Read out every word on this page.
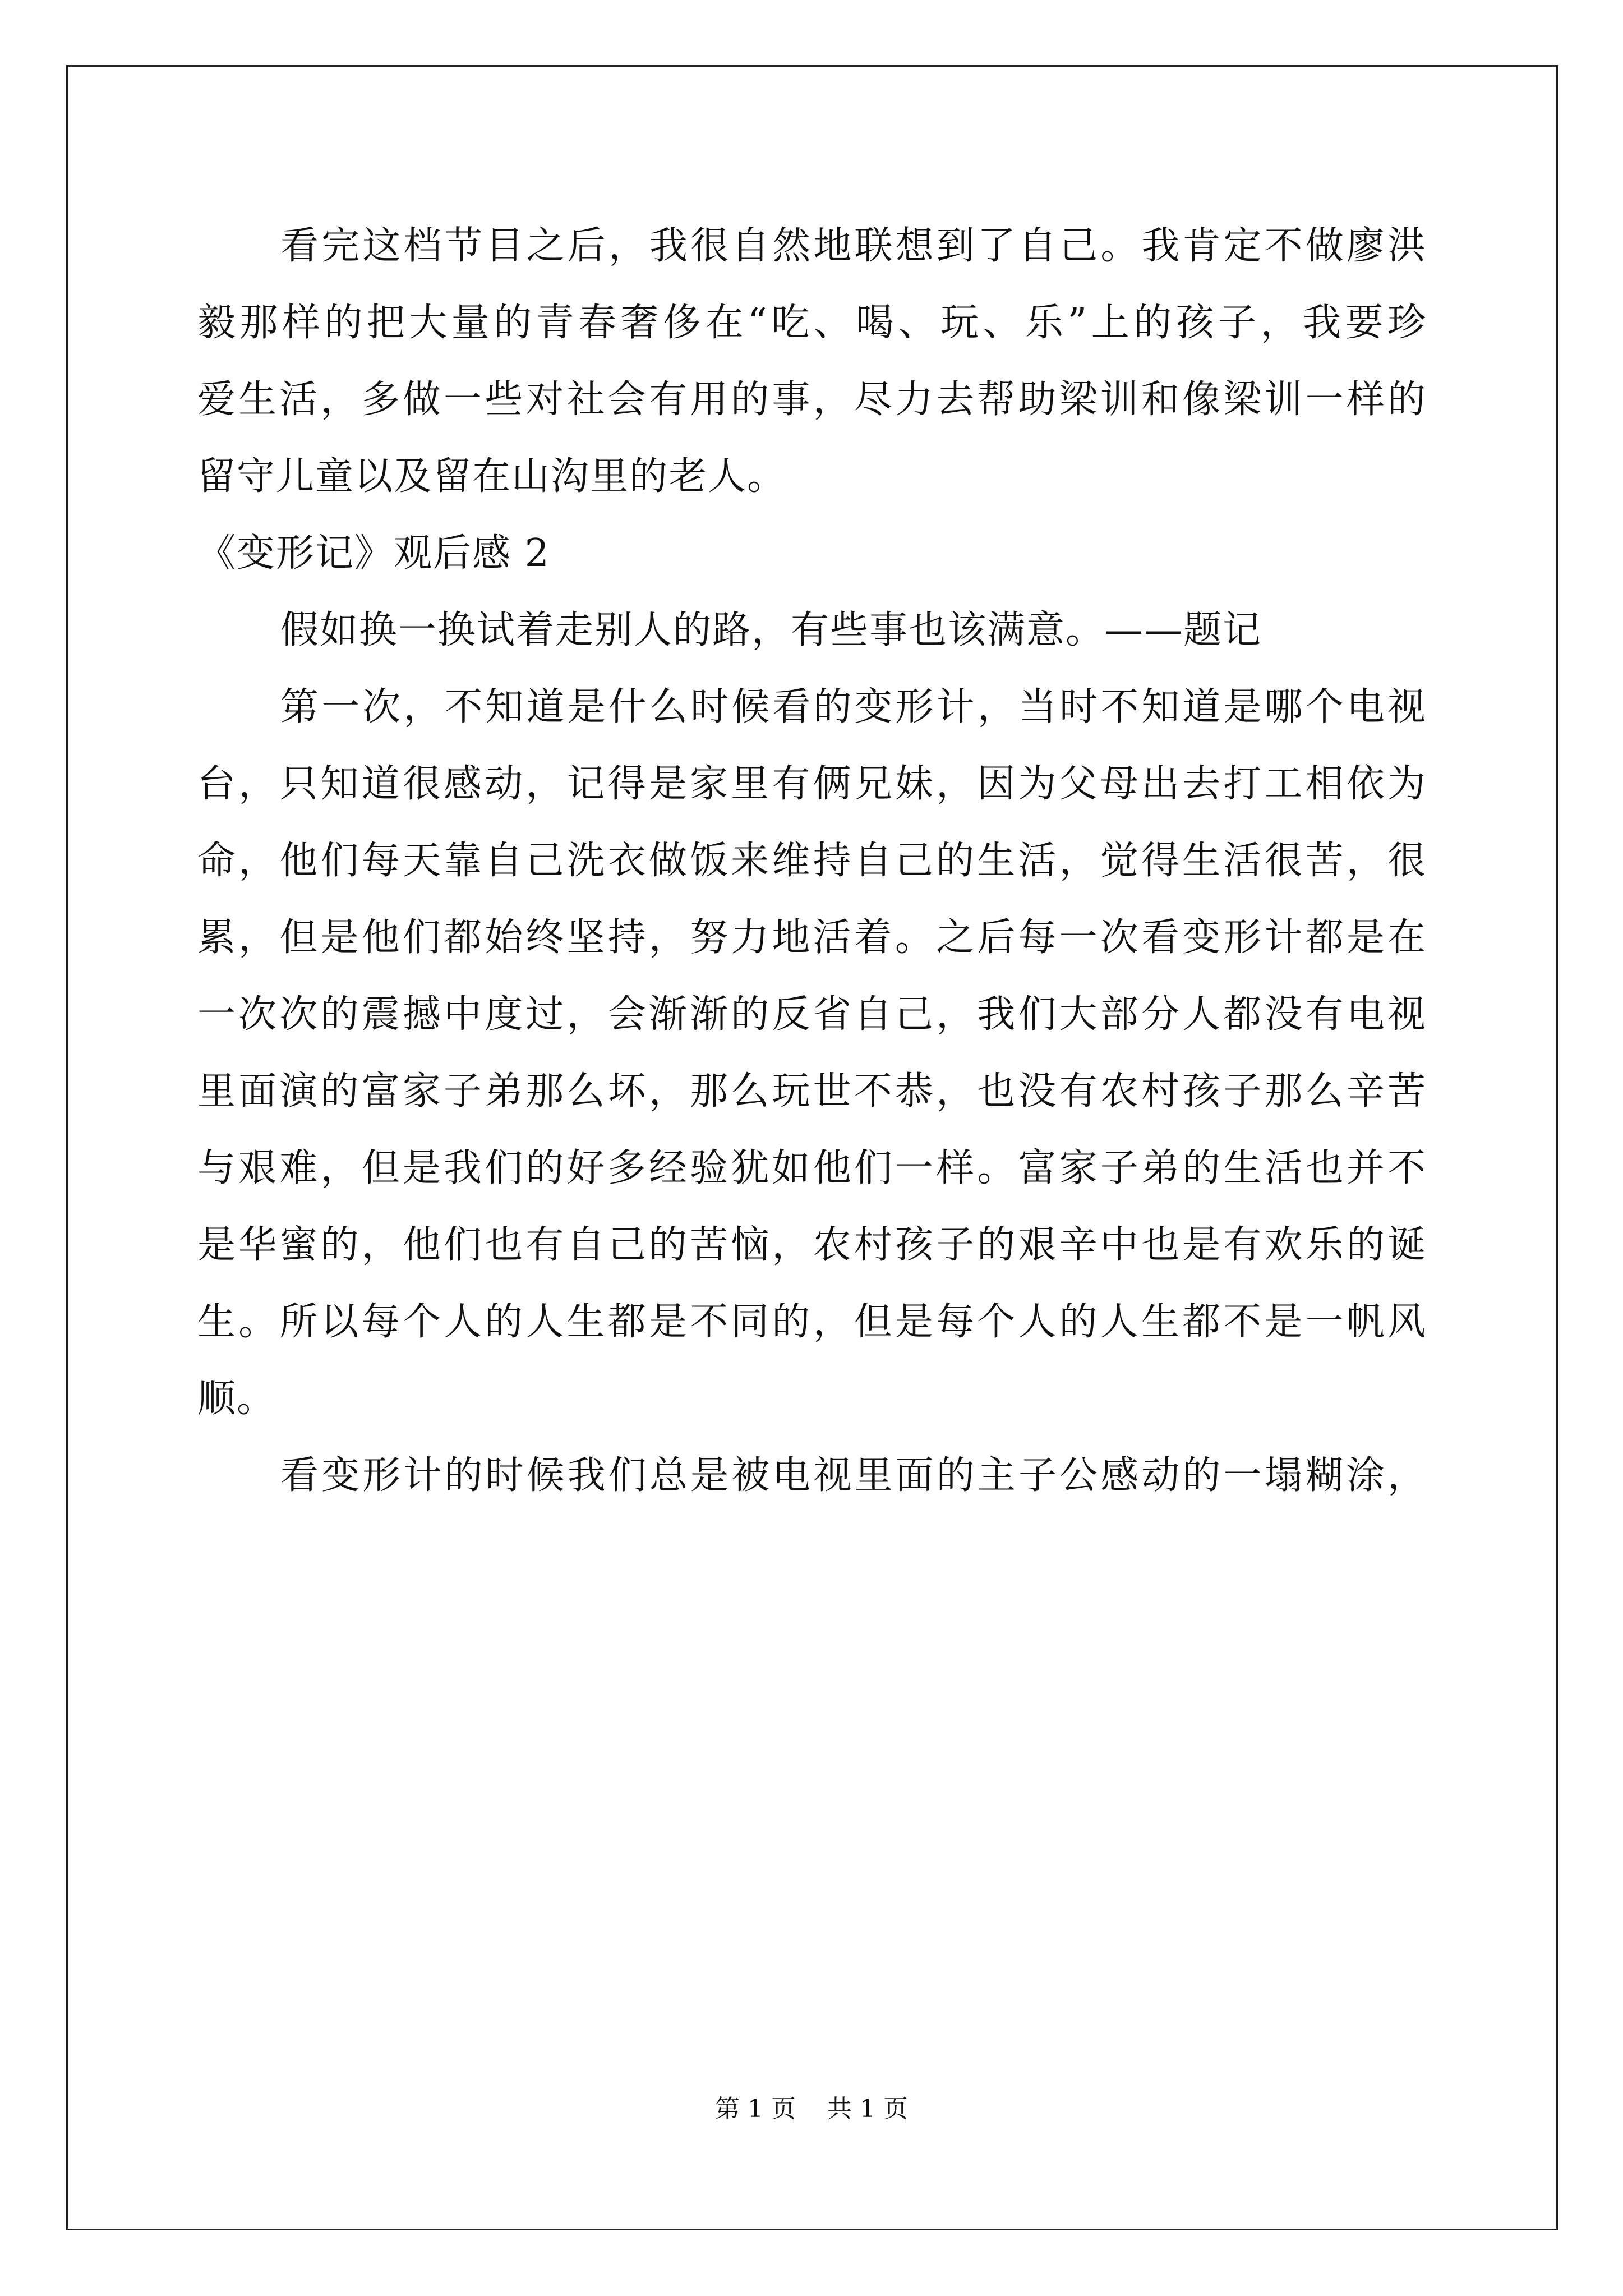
看完这档节目之后，我很自然地联想到了自己。我肯定不做廖洪
毅那样的把大量的青春奢侈在“吃、喝、玩、乐”上的孩子，我要珍
爱生活，多做一些对社会有用的事，尽力去帮助梁训和像梁训一样的
留守儿童以及留在山沟里的老人。
《变形记》观后感 2
假如换一换试着走别人的路，有些事也该满意。——题记
第一次，不知道是什么时候看的变形计，当时不知道是哪个电视
台，只知道很感动，记得是家里有俩兄妹，因为父母出去打工相依为
命，他们每天靠自己洗衣做饭来维持自己的生活，觉得生活很苦，很
累，但是他们都始终坚持，努力地活着。之后每一次看变形计都是在
一次次的震撼中度过，会渐渐的反省自己，我们大部分人都没有电视
里面演的富家子弟那么坏，那么玩世不恭，也没有农村孩子那么辛苦
与艰难，但是我们的好多经验犹如他们一样。富家子弟的生活也并不
是华蜜的，他们也有自己的苦恼，农村孩子的艰辛中也是有欢乐的诞
生。所以每个人的人生都是不同的，但是每个人的人生都不是一帆风
顺。
看变形计的时候我们总是被电视里面的主子公感动的一塌糊涂，
第 1 页 共 1 页
